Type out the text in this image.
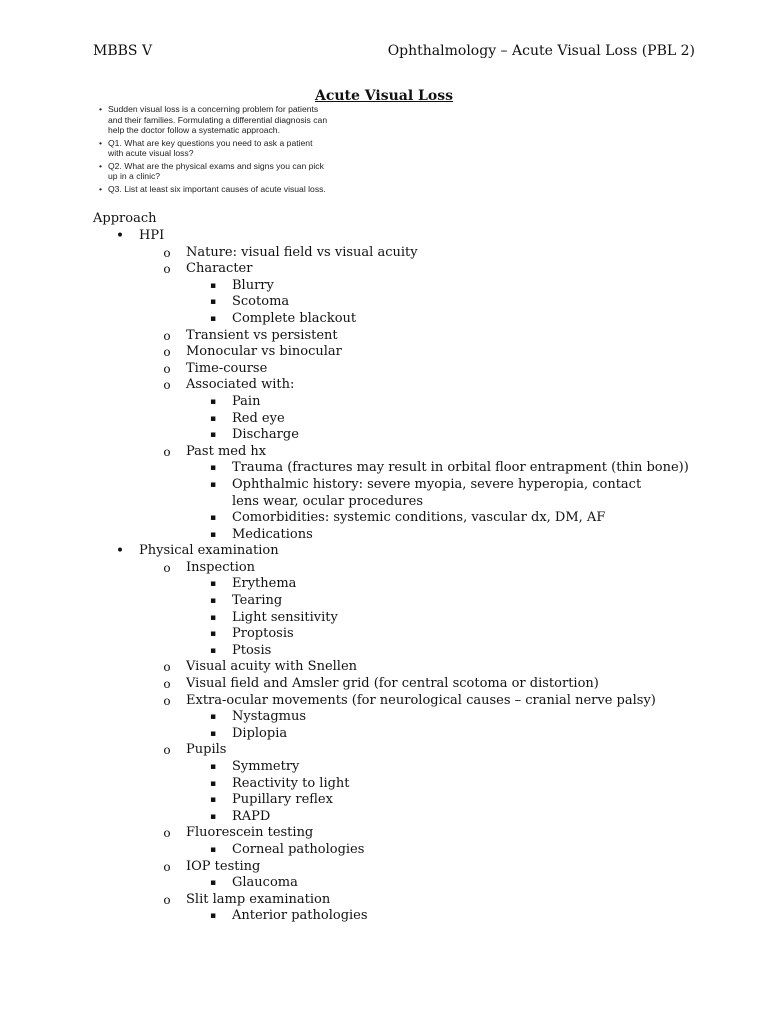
MBBS V	Ophthalmology – Acute Visual Loss (PBL 2)
Acute Visual Loss
• Sudden visual loss is a concerning problem for patients and their families. Formulating a differential diagnosis can help the doctor follow a systematic approach.
• Q1. What are key questions you need to ask a patient with acute visual loss?
• Q2. What are the physical exams and signs you can pick up in a clinic?
• Q3. List at least six important causes of acute visual loss.
Approach
• HPI
o	Nature: visual field vs visual acuity
o	Character
▪	Blurry
▪	Scotoma
▪	Complete blackout
o	Transient vs persistent
o	Monocular vs binocular
o	Time-course
o	Associated with:
▪	Pain
▪	Red eye
▪	Discharge
o	Past med hx
▪	Trauma (fractures may result in orbital floor entrapment (thin bone))
▪	Ophthalmic history: severe myopia, severe hyperopia, contact lens wear, ocular procedures
▪	Comorbidities: systemic conditions, vascular dx, DM, AF
▪	Medications
• Physical examination
o	Inspection
▪	Erythema
▪	Tearing
▪	Light sensitivity
▪	Proptosis
▪	Ptosis
o	Visual acuity with Snellen
o	Visual field and Amsler grid (for central scotoma or distortion)
o	Extra-ocular movements (for neurological causes – cranial nerve palsy)
▪	Nystagmus
▪	Diplopia
o	Pupils
▪	Symmetry
▪	Reactivity to light
▪	Pupillary reflex
▪	RAPD
o	Fluorescein testing
▪	Corneal pathologies
o	IOP testing
▪	Glaucoma
o	Slit lamp examination
▪	Anterior pathologies
